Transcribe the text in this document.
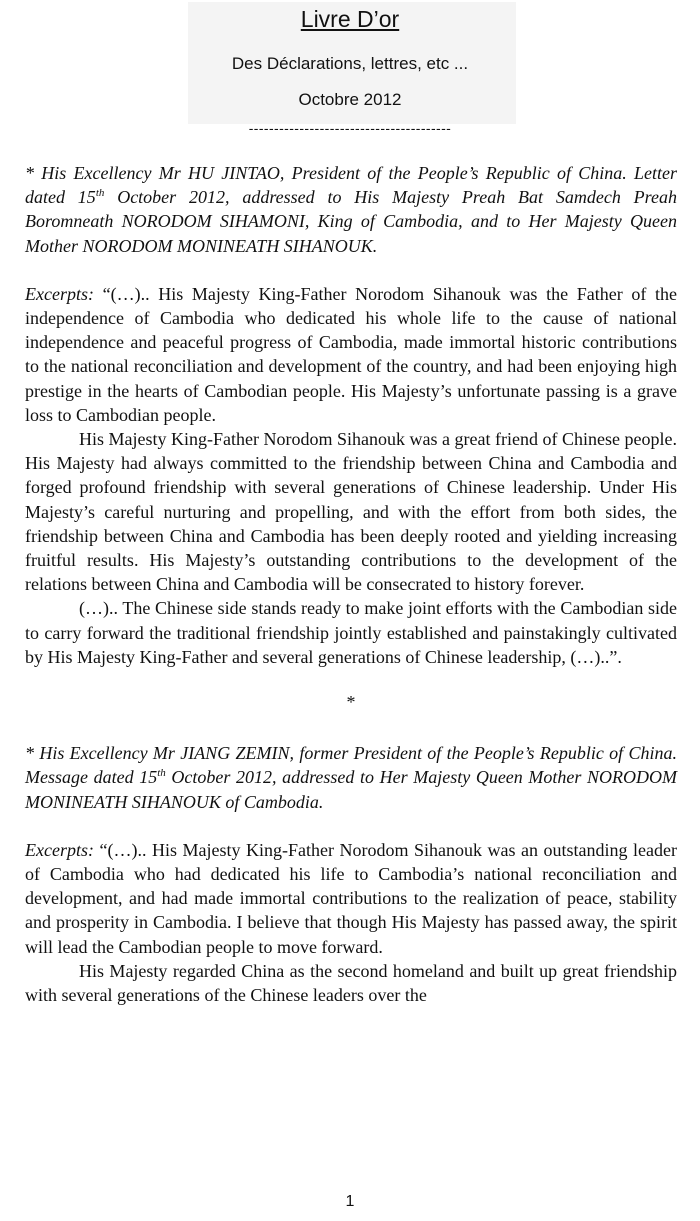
Livre D’or
Des Déclarations, lettres, etc ...
Octobre 2012
----------------------------------------

* His Excellency Mr HU JINTAO, President of the People’s Republic of China. Letter dated 15th October 2012, addressed to His Majesty Preah Bat Samdech Preah Boromneath NORODOM SIHAMONI, King of Cambodia, and to Her Majesty Queen Mother NORODOM MONINEATH SIHANOUK.

Excerpts: “(…).. His Majesty King-Father Norodom Sihanouk was the Father of the independence of Cambodia who dedicated his whole life to the cause of national independence and peaceful progress of Cambodia, made immortal historic contributions to the national reconciliation and development of the country, and had been enjoying high prestige in the hearts of Cambodian people. His Majesty’s unfortunate passing is a grave loss to Cambodian people.

His Majesty King-Father Norodom Sihanouk was a great friend of Chinese people. His Majesty had always committed to the friendship between China and Cambodia and forged profound friendship with several generations of Chinese leadership. Under His Majesty’s careful nurturing and propelling, and with the effort from both sides, the friendship between China and Cambodia has been deeply rooted and yielding increasing fruitful results. His Majesty’s outstanding contributions to the development of the relations between China and Cambodia will be consecrated to history forever.

(…).. The Chinese side stands ready to make joint efforts with the Cambodian side to carry forward the traditional friendship jointly established and painstakingly cultivated by His Majesty King-Father and several generations of Chinese leadership, (…)..”.

*

* His Excellency Mr JIANG ZEMIN, former President of the People’s Republic of China. Message dated 15th October 2012, addressed to Her Majesty Queen Mother NORODOM MONINEATH SIHANOUK of Cambodia.

Excerpts: “(…).. His Majesty King-Father Norodom Sihanouk was an outstanding leader of Cambodia who had dedicated his life to Cambodia’s national reconciliation and development, and had made immortal contributions to the realization of peace, stability and prosperity in Cambodia. I believe that though His Majesty has passed away, the spirit will lead the Cambodian people to move forward.

His Majesty regarded China as the second homeland and built up great friendship with several generations of the Chinese leaders over the

1
